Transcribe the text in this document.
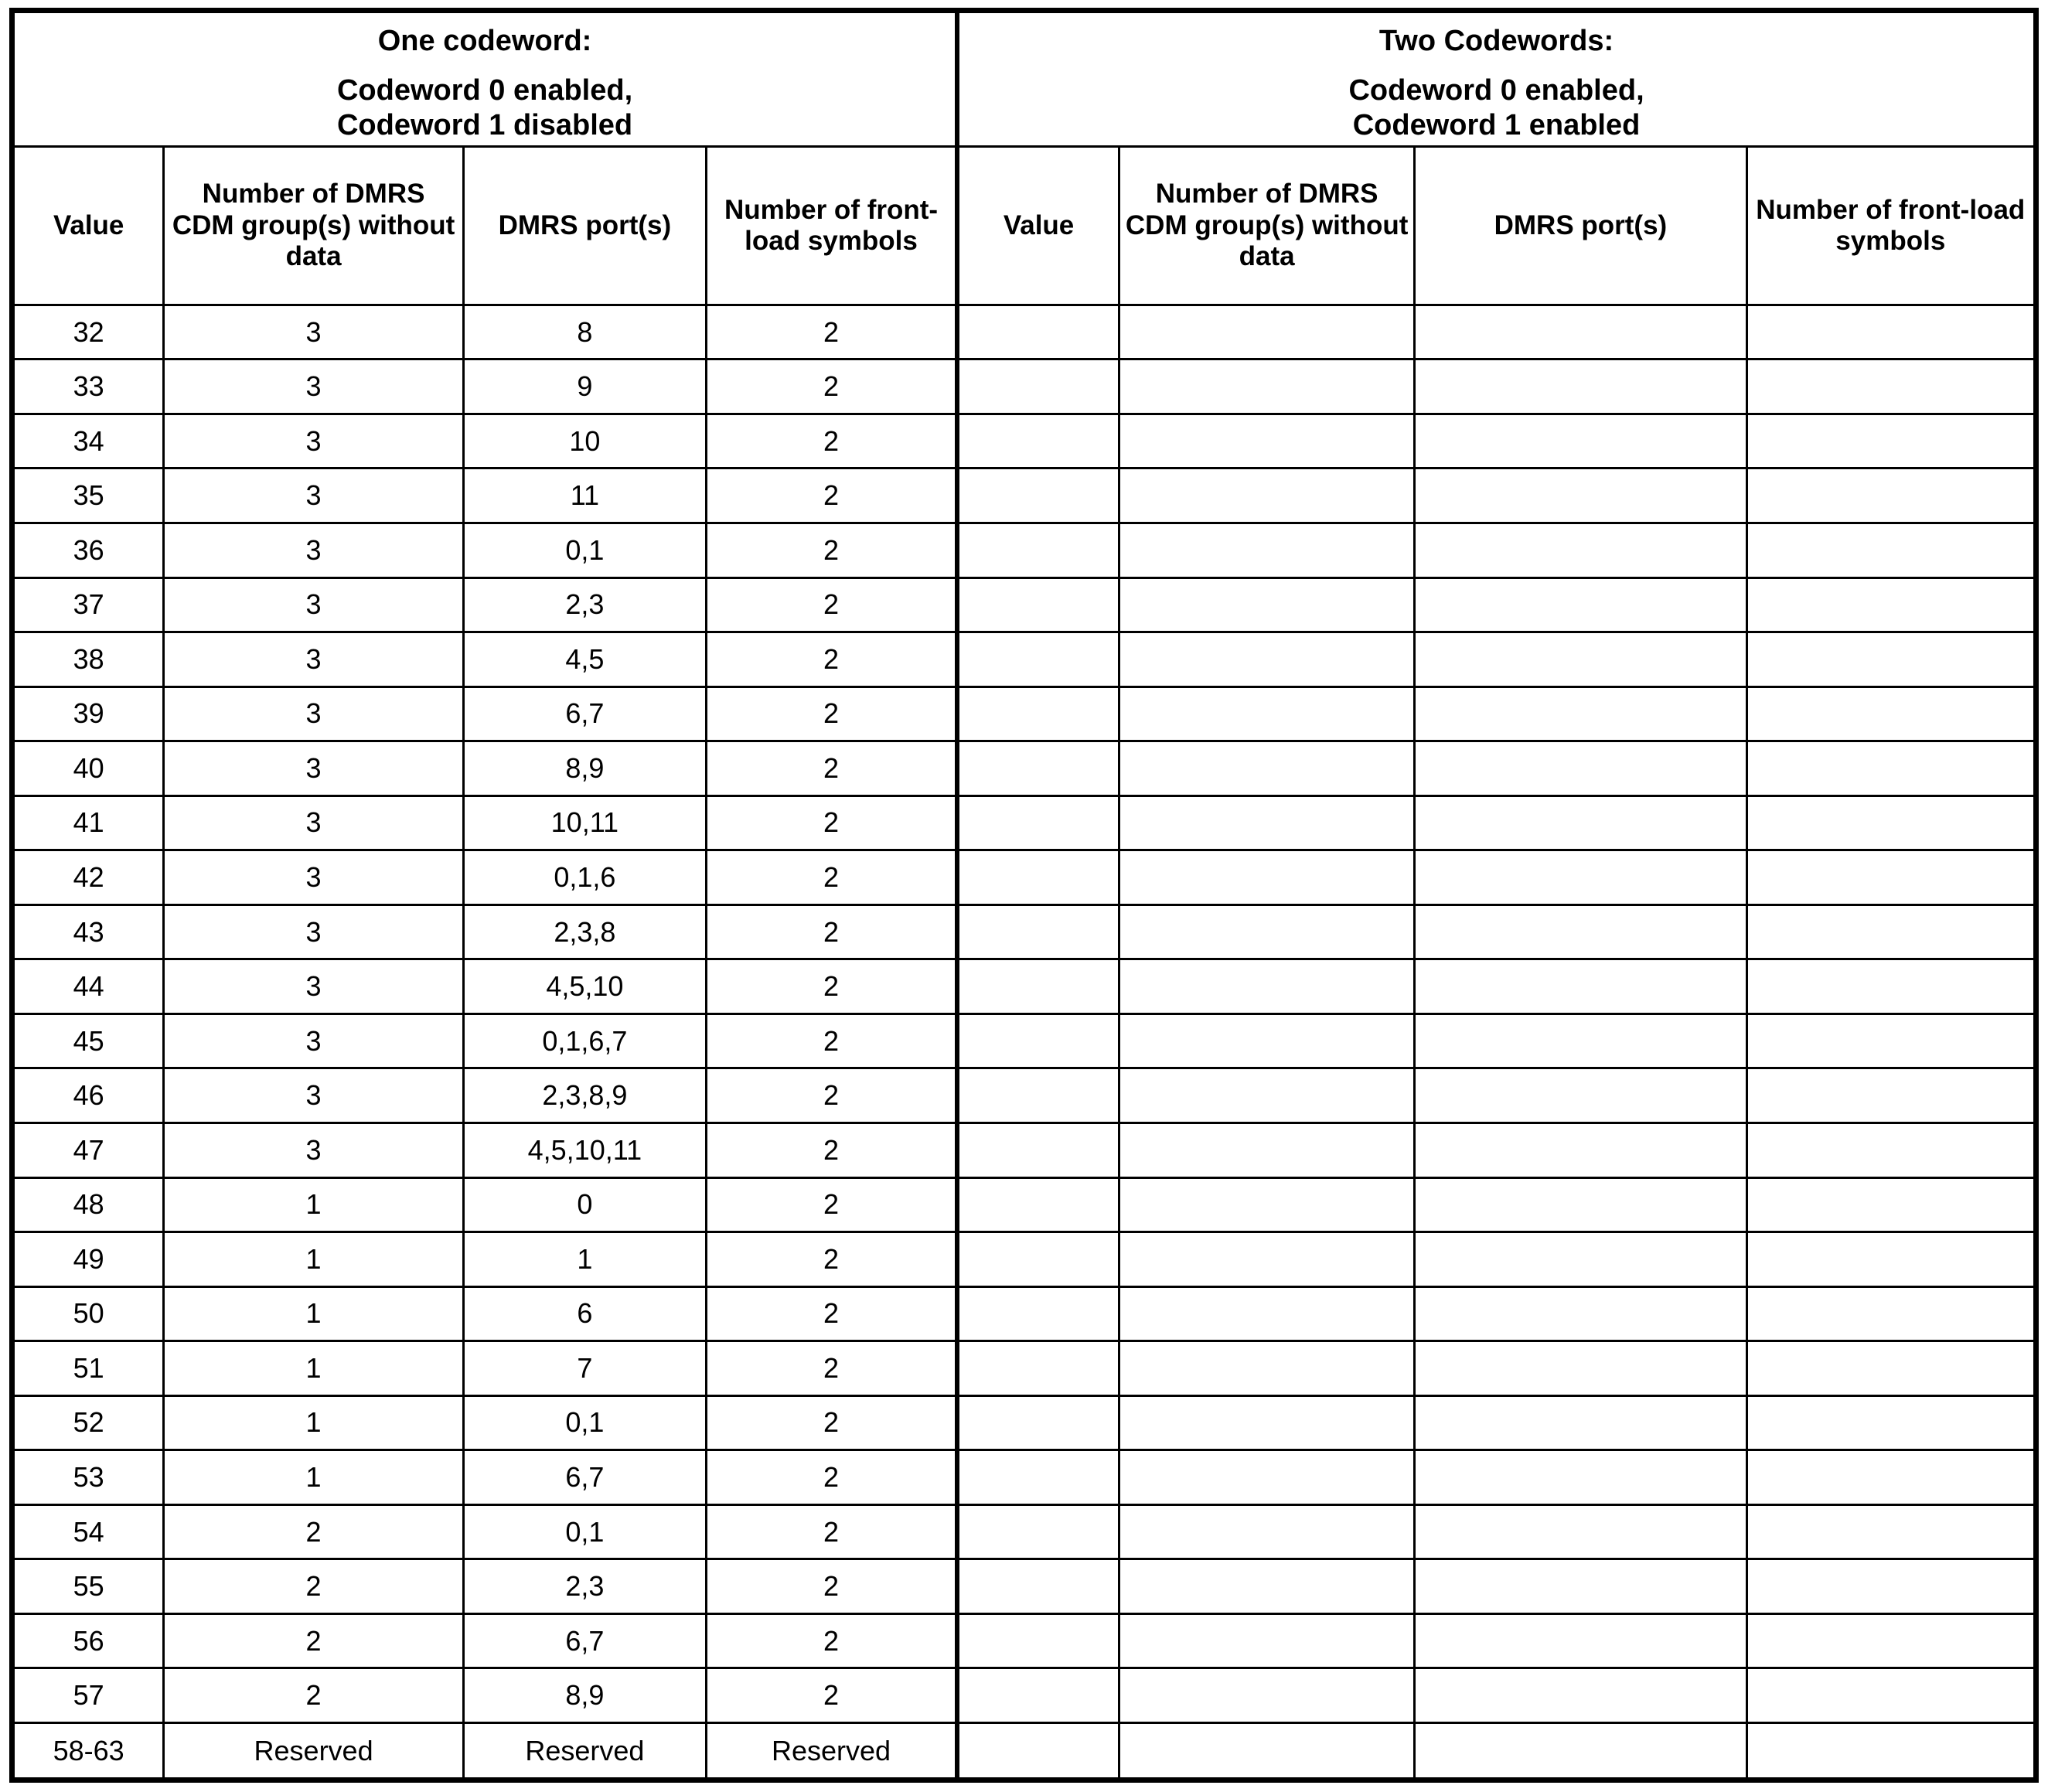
One codeword:
Codeword 0 enabled,
Codeword 1 disabled

Two Codewords:
Codeword 0 enabled,
Codeword 1 enabled

Value	Number of DMRS CDM group(s) without data	DMRS port(s)	Number of front-load symbols	Value	Number of DMRS CDM group(s) without data	DMRS port(s)	Number of front-load symbols
32	3	8	2				
33	3	9	2				
34	3	10	2				
35	3	11	2				
36	3	0,1	2				
37	3	2,3	2				
38	3	4,5	2				
39	3	6,7	2				
40	3	8,9	2				
41	3	10,11	2				
42	3	0,1,6	2				
43	3	2,3,8	2				
44	3	4,5,10	2				
45	3	0,1,6,7	2				
46	3	2,3,8,9	2				
47	3	4,5,10,11	2				
48	1	0	2				
49	1	1	2				
50	1	6	2				
51	1	7	2				
52	1	0,1	2				
53	1	6,7	2				
54	2	0,1	2				
55	2	2,3	2				
56	2	6,7	2				
57	2	8,9	2				
58-63	Reserved	Reserved	Reserved				
